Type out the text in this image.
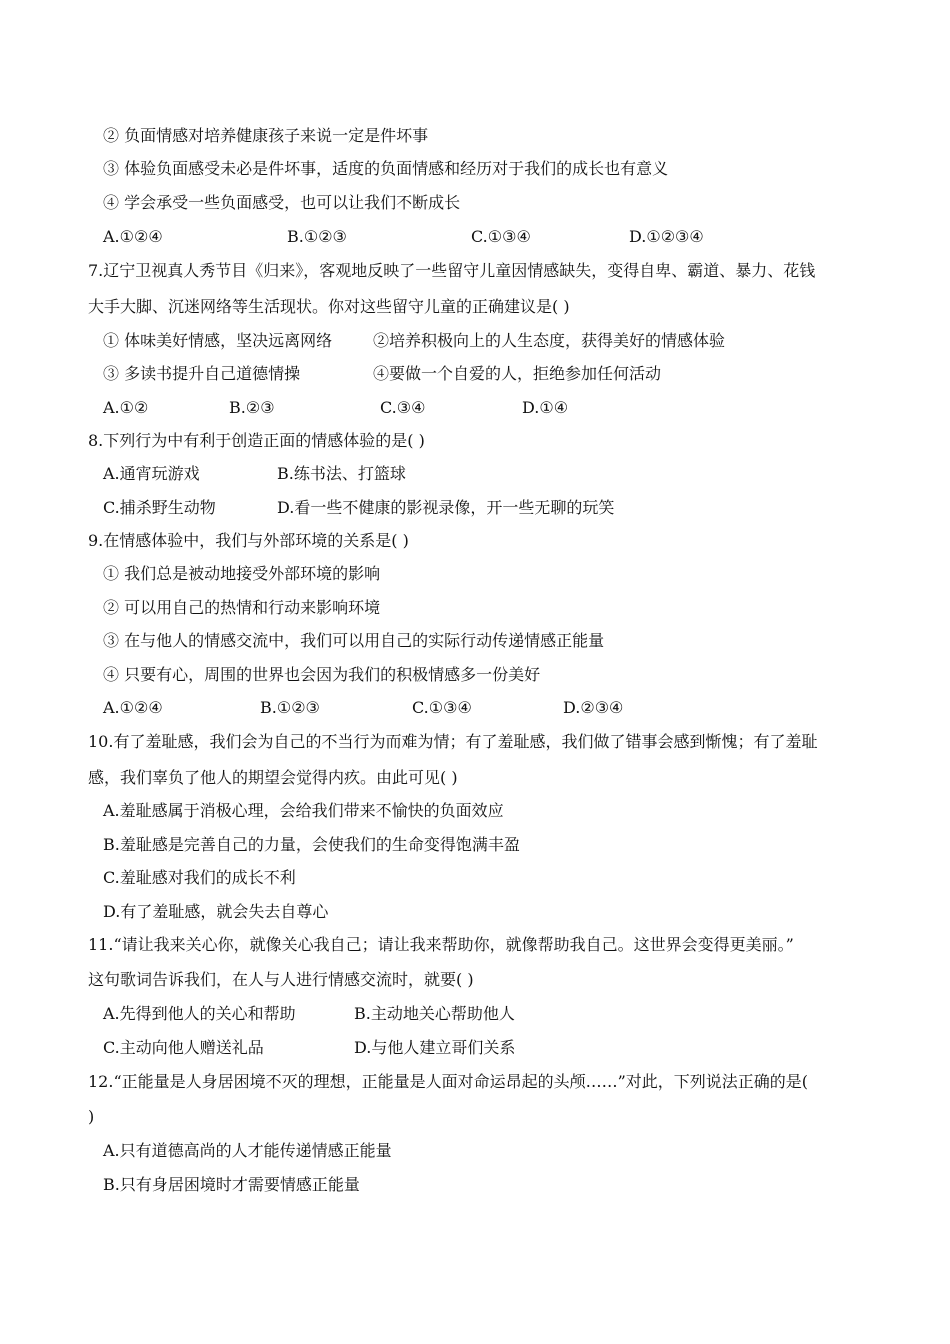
② 负面情感对培养健康孩子来说一定是件坏事
③ 体验负面感受未必是件坏事，适度的负面情感和经历对于我们的成长也有意义
④ 学会承受一些负面感受，也可以让我们不断成长
A.①②④	B.①②③	C.①③④	D.①②③④
7.辽宁卫视真人秀节目《归来》，客观地反映了一些留守儿童因情感缺失，变得自卑、霸道、暴力、花钱
大手大脚、沉迷网络等生活现状。你对这些留守儿童的正确建议是( )
① 体味美好情感，坚决远离网络	②培养积极向上的人生态度，获得美好的情感体验
③ 多读书提升自己道德情操	④要做一个自爱的人，拒绝参加任何活动
A.①②	B.②③	C.③④	D.①④
8.下列行为中有利于创造正面的情感体验的是( )
A.通宵玩游戏	B.练书法、打篮球
C.捕杀野生动物	D.看一些不健康的影视录像，开一些无聊的玩笑
9.在情感体验中，我们与外部环境的关系是( )
① 我们总是被动地接受外部环境的影响
② 可以用自己的热情和行动来影响环境
③ 在与他人的情感交流中，我们可以用自己的实际行动传递情感正能量
④ 只要有心，周围的世界也会因为我们的积极情感多一份美好
A.①②④	B.①②③	C.①③④	D.②③④
10.有了羞耻感，我们会为自己的不当行为而难为情；有了羞耻感，我们做了错事会感到惭愧；有了羞耻
感，我们辜负了他人的期望会觉得内疚。由此可见( )
A.羞耻感属于消极心理，会给我们带来不愉快的负面效应
B.羞耻感是完善自己的力量，会使我们的生命变得饱满丰盈
C.羞耻感对我们的成长不利
D.有了羞耻感，就会失去自尊心
11.“请让我来关心你，就像关心我自己；请让我来帮助你，就像帮助我自己。这世界会变得更美丽。”
这句歌词告诉我们，在人与人进行情感交流时，就要( )
A.先得到他人的关心和帮助	B.主动地关心帮助他人
C.主动向他人赠送礼品	D.与他人建立哥们关系
12.“正能量是人身居困境不灭的理想，正能量是人面对命运昂起的头颅……”对此，下列说法正确的是(
)
A.只有道德高尚的人才能传递情感正能量
B.只有身居困境时才需要情感正能量
